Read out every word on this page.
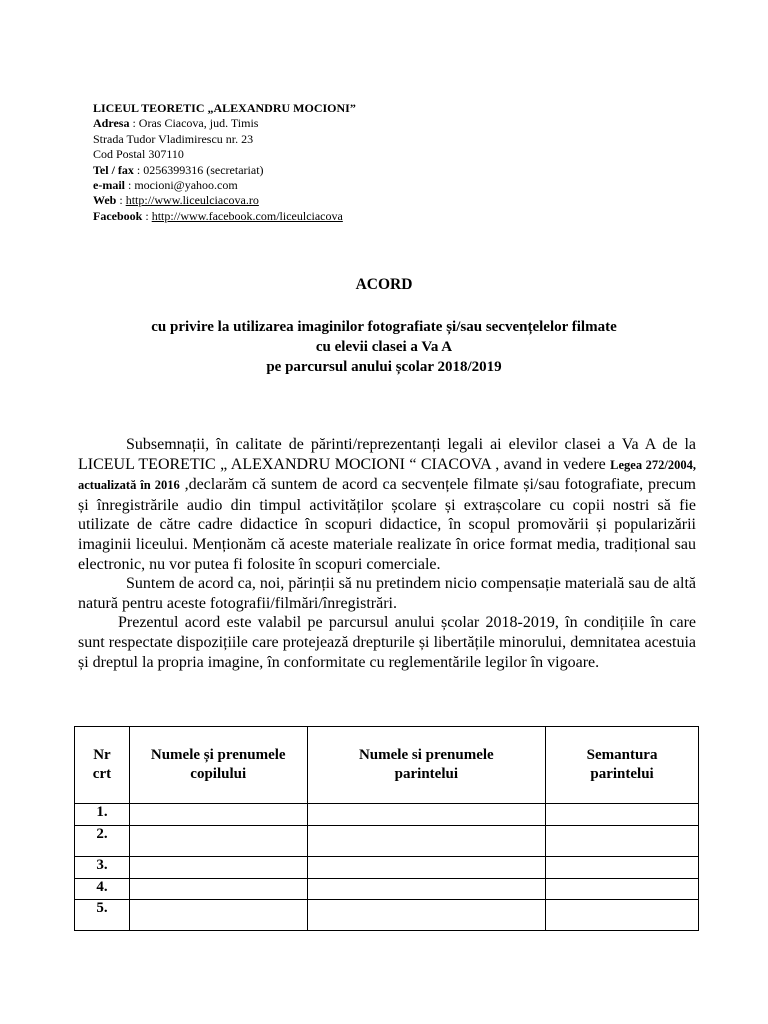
LICEUL TEORETIC „ALEXANDRU MOCIONI”
Adresa : Oras Ciacova, jud. Timis
Strada Tudor Vladimirescu nr. 23
Cod Postal 307110
Tel / fax : 0256399316 (secretariat)
e-mail : mocioni@yahoo.com
Web : http://www.liceulciacova.ro
Facebook : http://www.facebook.com/liceulciacova
ACORD
cu privire la utilizarea imaginilor fotografiate și/sau secvențelelor filmate
cu elevii clasei a Va A
pe parcursul anului școlar 2018/2019

Subsemnații, în calitate de părinti/reprezentanți legali ai elevilor clasei a Va A de la LICEUL TEORETIC „ ALEXANDRU MOCIONI “ CIACOVA , avand in vedere Legea 272/2004, actualizată în 2016 ,declarăm că suntem de acord ca secvențele filmate și/sau fotografiate, precum și înregistrările audio din timpul activităților școlare și extrașcolare cu copii nostri să fie utilizate de către cadre didactice în scopuri didactice, în scopul promovării și popularizării imaginii liceului. Menționăm că aceste materiale realizate în orice format media, tradițional sau electronic, nu vor putea fi folosite în scopuri comerciale.

Suntem de acord ca, noi, părinții să nu pretindem nicio compensație materială sau de altă natură pentru aceste fotografii/filmări/înregistrări.

Prezentul acord este valabil pe parcursul anului școlar 2018-2019, în condițiile în care sunt respectate dispozițiile care protejează drepturile și libertățile minorului, demnitatea acestuia și dreptul la propria imagine, în conformitate cu reglementările legilor în vigoare.

Nr crt	Numele și prenumele copilului	Numele si prenumele parintelui	Semantura parintelui
1.			
2.			
3.			
4.			
5.			
